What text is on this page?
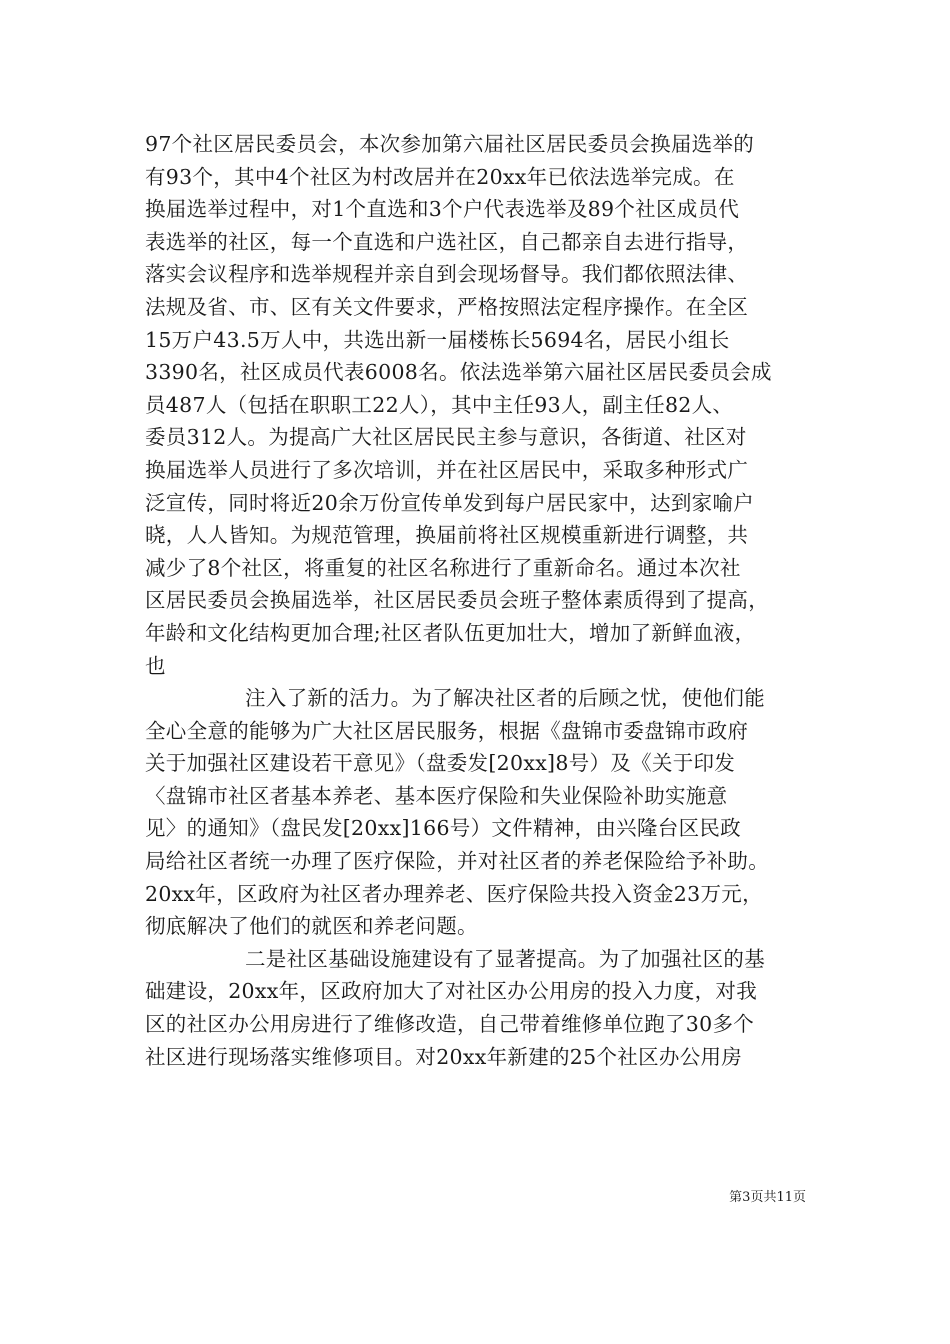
97个社区居民委员会，本次参加第六届社区居民委员会换届选举的
有93个，其中4个社区为村改居并在20xx年已依法选举完成。在
换届选举过程中，对1个直选和3个户代表选举及89个社区成员代
表选举的社区，每一个直选和户选社区，自己都亲自去进行指导，
落实会议程序和选举规程并亲自到会现场督导。我们都依照法律、
法规及省、市、区有关文件要求，严格按照法定程序操作。在全区
15万户43.5万人中，共选出新一届楼栋长5694名，居民小组长
3390名，社区成员代表6008名。依法选举第六届社区居民委员会成
员487人（包括在职职工22人），其中主任93人，副主任82人、
委员312人。为提高广大社区居民民主参与意识，各街道、社区对
换届选举人员进行了多次培训，并在社区居民中，采取多种形式广
泛宣传，同时将近20余万份宣传单发到每户居民家中，达到家喻户
晓，人人皆知。为规范管理，换届前将社区规模重新进行调整，共
减少了8个社区，将重复的社区名称进行了重新命名。通过本次社
区居民委员会换届选举，社区居民委员会班子整体素质得到了提高，
年龄和文化结构更加合理;社区者队伍更加壮大，增加了新鲜血液，
也
注入了新的活力。为了解决社区者的后顾之忧，使他们能
全心全意的能够为广大社区居民服务，根据《盘锦市委盘锦市政府
关于加强社区建设若干意见》（盘委发[20xx]8号）及《关于印发
〈盘锦市社区者基本养老、基本医疗保险和失业保险补助实施意
见〉的通知》（盘民发[20xx]166号）文件精神，由兴隆台区民政
局给社区者统一办理了医疗保险，并对社区者的养老保险给予补助。
20xx年，区政府为社区者办理养老、医疗保险共投入资金23万元，
彻底解决了他们的就医和养老问题。
二是社区基础设施建设有了显著提高。为了加强社区的基
础建设，20xx年，区政府加大了对社区办公用房的投入力度，对我
区的社区办公用房进行了维修改造，自己带着维修单位跑了30多个
社区进行现场落实维修项目。对20xx年新建的25个社区办公用房
第3页共11页
